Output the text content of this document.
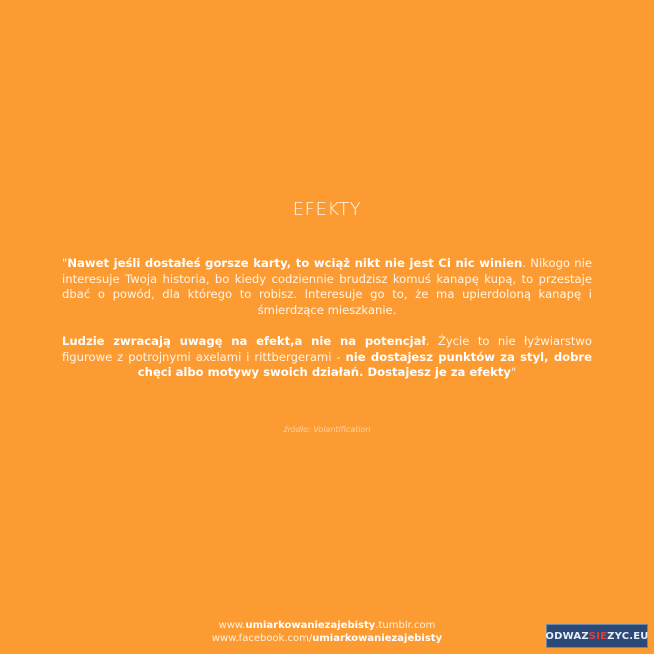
EFEKTY

"Nawet jeśli dostałeś gorsze karty, to wciąż nikt nie jest Ci nic winien. Nikogo nie interesuje Twoja historia, bo kiedy codziennie brudzisz komuś kanapę kupą, to przestaje dbać o powód, dla którego to robisz. Interesuje go to, że ma upierdoloną kanapę i śmierdzące mieszkanie.

Ludzie zwracają uwagę na efekt,a nie na potencjał. Życie to nie łyżwiarstwo figurowe z potrojnymi axelami i rittbergerami - nie dostajesz punktów za styl, dobre chęci albo motywy swoich działań. Dostajesz je za efekty"

źródło: Volantification
www.umiarkowaniezajebisty.tumblr.com
www.facebook.com/umiarkowaniezajebisty	ODWAZ SIE ZYC.EU
